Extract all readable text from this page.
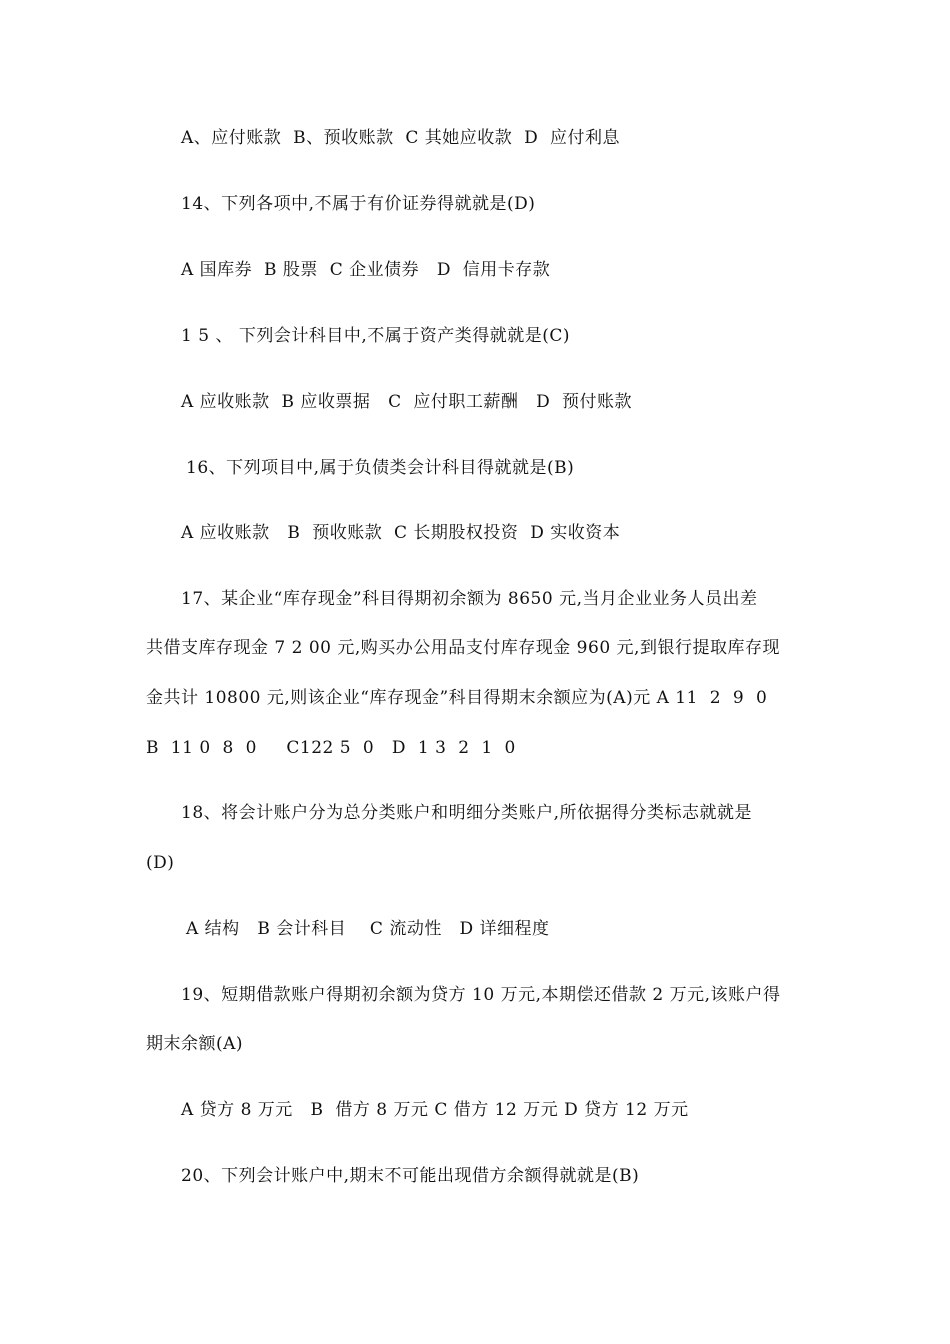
A、应付账款  B、预收账款  C 其她应收款  D  应付利息
14、下列各项中,不属于有价证券得就就是(D)
A 国库券  B 股票  C 企业债券   D  信用卡存款
1 5 、 下列会计科目中,不属于资产类得就就是(C)
A 应收账款  B 应收票据   C  应付职工薪酬   D  预付账款
16、下列项目中,属于负债类会计科目得就就是(B)
A 应收账款   B  预收账款  C 长期股权投资  D 实收资本
17、某企业“库存现金”科目得期初余额为 8650 元,当月企业业务人员出差
共借支库存现金 7 2 00 元,购买办公用品支付库存现金 960 元,到银行提取库存现
金共计 10800 元,则该企业“库存现金”科目得期末余额应为(A)元 A 11  2  9  0
B  11 0  8  0     C122 5  0   D  1 3  2  1  0
18、将会计账户分为总分类账户和明细分类账户,所依据得分类标志就就是
(D)
A 结构   B 会计科目    C 流动性   D 详细程度
19、短期借款账户得期初余额为贷方 10 万元,本期偿还借款 2 万元,该账户得
期末余额(A)
A 贷方 8 万元   B  借方 8 万元 C 借方 12 万元 D 贷方 12 万元
20、下列会计账户中,期末不可能出现借方余额得就就是(B)
